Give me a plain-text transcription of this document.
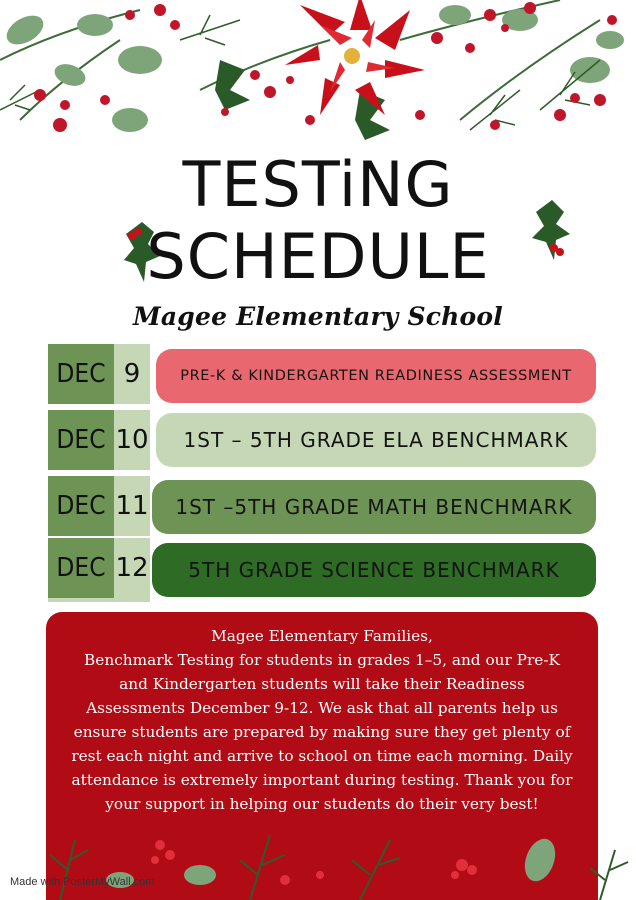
TESTiNG
SCHEDULE
Magee Elementary School
DEC 9	PRE-K & KINDERGARTEN READINESS ASSESSMENT
DEC 10	1ST – 5TH GRADE ELA BENCHMARK
DEC 11	1ST –5TH GRADE MATH BENCHMARK
DEC 12	5TH GRADE SCIENCE BENCHMARK

Magee Elementary Families,

Benchmark Testing for students in grades 1–5, and our Pre-K

and Kindergarten students will take their Readiness

Assessments December 9-12. We ask that all parents help us

ensure students are prepared by making sure they get plenty of

rest each night and arrive to school on time each morning. Daily

attendance is extremely important during testing. Thank you for

your support in helping our students do their very best!

Made with PosterMyWall.com
